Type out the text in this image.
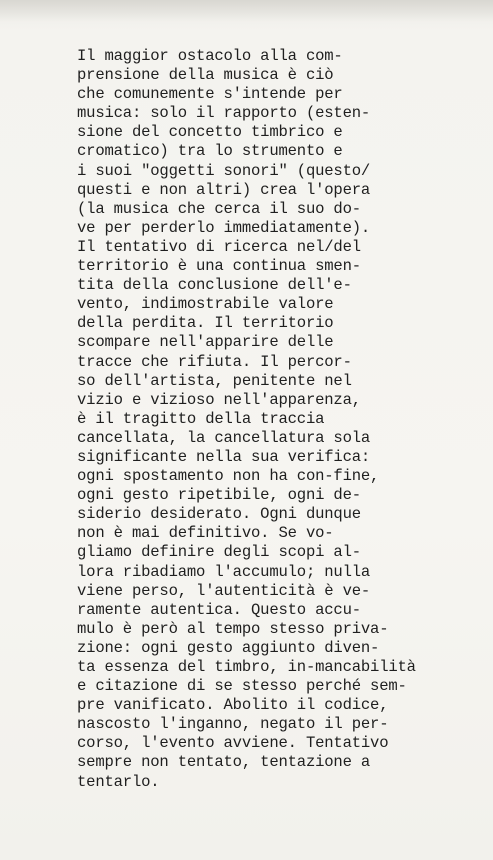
Il maggior ostacolo alla com-
prensione della musica è ciò
che comunemente s'intende per
musica: solo il rapporto (esten-
sione del concetto timbrico e
cromatico) tra lo strumento e
i suoi "oggetti sonori" (questo/
questi e non altri) crea l'opera
(la musica che cerca il suo do-
ve per perderlo immediatamente).
Il tentativo di ricerca nel/del
territorio è una continua smen-
tita della conclusione dell'e-
vento, indimostrabile valore
della perdita. Il territorio
scompare nell'apparire delle
tracce che rifiuta. Il percor-
so dell'artista, penitente nel
vizio e vizioso nell'apparenza,
è il tragitto della traccia
cancellata, la cancellatura sola
significante nella sua verifica:
ogni spostamento non ha con-fine,
ogni gesto ripetibile, ogni de-
siderio desiderato. Ogni dunque
non è mai definitivo. Se vo-
gliamo definire degli scopi al-
lora ribadiamo l'accumulo; nulla
viene perso, l'autenticità è ve-
ramente autentica. Questo accu-
mulo è però al tempo stesso priva-
zione: ogni gesto aggiunto diven-
ta essenza del timbro, in-mancabilità
e citazione di se stesso perché sem-
pre vanificato. Abolito il codice,
nascosto l'inganno, negato il per-
corso, l'evento avviene. Tentativo
sempre non tentato, tentazione a
tentarlo.
